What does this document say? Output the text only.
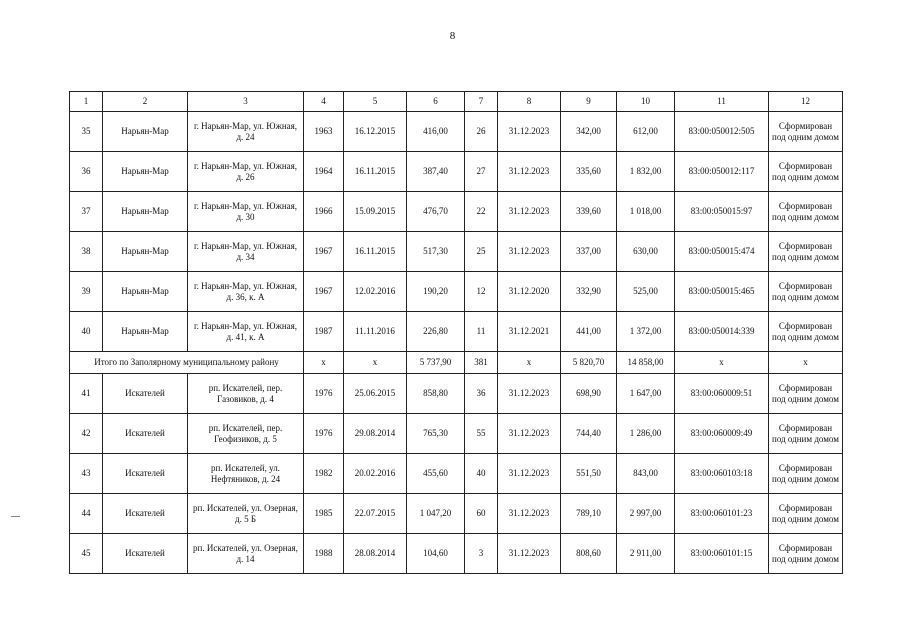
8
1	2	3	4	5	6	7	8	9	10	11	12
35	Нарьян-Мар	г. Нарьян-Мар, ул. Южная, д. 24	1963	16.12.2015	416,00	26	31.12.2023	342,00	612,00	83:00:050012:505	Сформирован под одним домом
36	Нарьян-Мар	г. Нарьян-Мар, ул. Южная, д. 26	1964	16.11.2015	387,40	27	31.12.2023	335,60	1 832,00	83:00:050012:117	Сформирован под одним домом
37	Нарьян-Мар	г. Нарьян-Мар, ул. Южная, д. 30	1966	15.09.2015	476,70	22	31.12.2023	339,60	1 018,00	83:00:050015:97	Сформирован под одним домом
38	Нарьян-Мар	г. Нарьян-Мар, ул. Южная, д. 34	1967	16.11.2015	517,30	25	31.12.2023	337,00	630,00	83:00:050015:474	Сформирован под одним домом
39	Нарьян-Мар	г. Нарьян-Мар, ул. Южная, д. 36, к. А	1967	12.02.2016	190,20	12	31.12.2020	332,90	525,00	83:00:050015:465	Сформирован под одним домом
40	Нарьян-Мар	г. Нарьян-Мар, ул. Южная, д. 41, к. А	1987	11.11.2016	226,80	11	31.12.2021	441,00	1 372,00	83:00:050014:339	Сформирован под одним домом
Итого по Заполярному муниципальному району			х	х	5 737,90	381	х	5 820,70	14 858,00	х	х
41	Искателей	рп. Искателей, пер. Газовиков, д. 4	1976	25.06.2015	858,80	36	31.12.2023	698,90	1 647,00	83:00:060009:51	Сформирован под одним домом
42	Искателей	рп. Искателей, пер. Геофизиков, д. 5	1976	29.08.2014	765,30	55	31.12.2023	744,40	1 286,00	83:00:060009:49	Сформирован под одним домом
43	Искателей	рп. Искателей, ул. Нефтяников, д. 24	1982	20.02.2016	455,60	40	31.12.2023	551,50	843,00	83:00:060103:18	Сформирован под одним домом
44	Искателей	рп. Искателей, ул. Озерная, д. 5 Б	1985	22.07.2015	1 047,20	60	31.12.2023	789,10	2 997,00	83:00:060101:23	Сформирован под одним домом
45	Искателей	рп. Искателей, ул. Озерная, д. 14	1988	28.08.2014	104,60	3	31.12.2023	808,60	2 911,00	83:00:060101:15	Сформирован под одним домом
